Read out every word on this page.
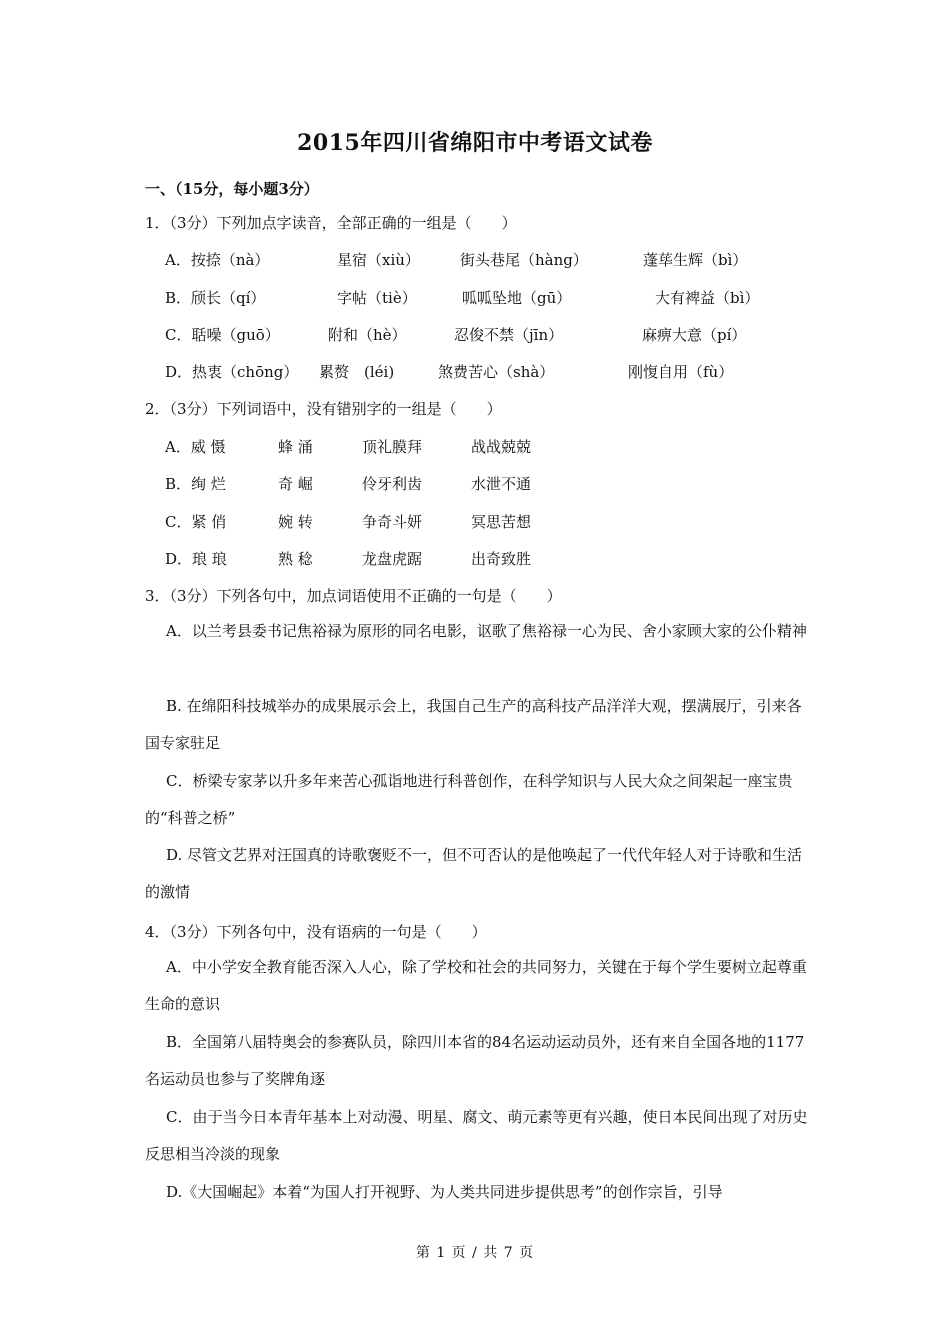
2015年四川省绵阳市中考语文试卷
一、（15分，每小题3分）
1．（3分）下列加点字读音，全部正确的一组是（　　）
A．按捺（nà）	星宿（xiù）	街头巷尾（hàng）	蓬荜生辉（bì）
B．颀长（qí）	字帖（tiè）	呱呱坠地（gū）	大有裨益（bì）
C．聒噪（guō）	附和（hè）	忍俊不禁（jīn）	麻痹大意（pí）
D．热衷（chōng） 累赘　(léi)	煞费苦心（shà）	刚愎自用（fù）
2．（3分）下列词语中，没有错别字的一组是（　　）
A．威 慑	蜂 涌	顶礼膜拜	战战兢兢
B．绚 烂	奇 崛	伶牙利齿	水泄不通
C．紧 俏	婉 转	争奇斗妍	冥思苦想
D．琅 琅	熟 稔	龙盘虎踞	出奇致胜
3．（3分）下列各句中，加点词语使用不正确的一句是（　　）
A．以兰考县委书记焦裕禄为原形的同名电影，讴歌了焦裕禄一心为民、舍小家顾大家的公仆精神
B. 在绵阳科技城举办的成果展示会上，我国自己生产的高科技产品洋洋大观，摆满展厅，引来各国专家驻足
C．桥梁专家茅以升多年来苦心孤诣地进行科普创作，在科学知识与人民大众之间架起一座宝贵的“科普之桥”
D. 尽管文艺界对汪国真的诗歌褒贬不一，但不可否认的是他唤起了一代代年轻人对于诗歌和生活的激情
4．（3分）下列各句中，没有语病的一句是（　　）
A．中小学安全教育能否深入人心，除了学校和社会的共同努力，关键在于每个学生要树立起尊重生命的意识
B．全国第八届特奥会的参赛队员，除四川本省的84名运动运动员外，还有来自全国各地的1177名运动员也参与了奖牌角逐
C．由于当今日本青年基本上对动漫、明星、腐文、萌元素等更有兴趣，使日本民间出现了对历史反思相当冷淡的现象
D.《大国崛起》本着“为国人打开视野、为人类共同进步提供思考”的创作宗旨，引导
第 1 页 / 共 7 页
